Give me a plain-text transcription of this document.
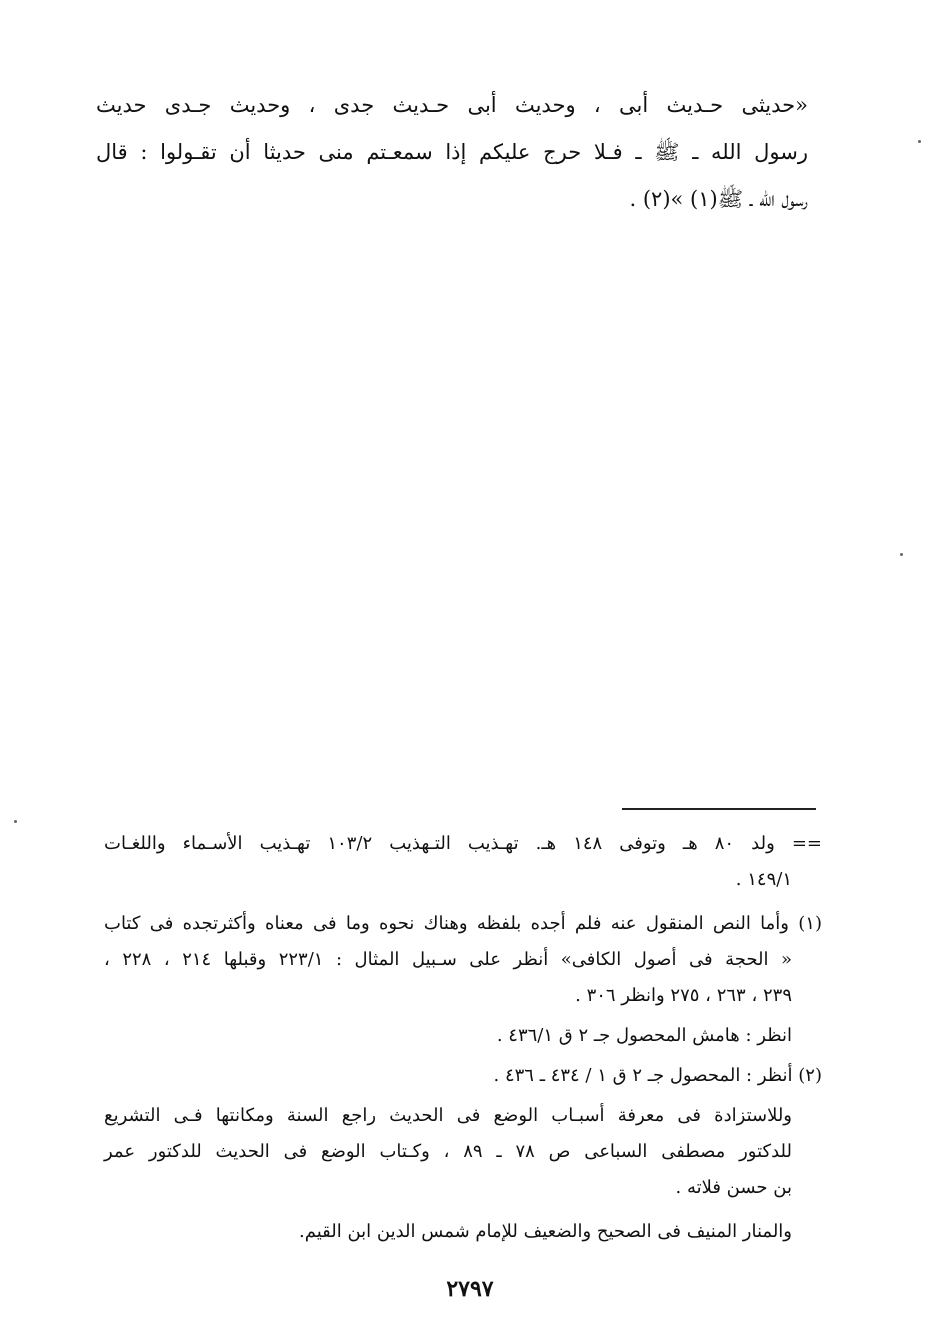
«حديثى حـديث أبى ، وحديث أبى حـديث جدى ، وحديث جـدى حديث
رسول الله ـ ﷺ ـ فـلا حرج عليكم إذا سمعـتم منى حديثا أن تقـولوا : قال
رسول الله ـ ﷺ(١) »(٢) .
== ولد ٨٠ هـ وتوفى ١٤٨ هـ. تهـذيب التـهذيب ١٠٣/٢ تهـذيب الأسـماء واللغـات
١٤٩/١ .
(١) وأما النص المنقول عنه فلم أجده بلفظه وهناك نحوه وما فى معناه وأكثرتجده فى كتاب
« الحجة فى أصول الكافى» أنظر على سـبيل المثال : ٢٢٣/١ وقبلها ٢١٤ ، ٢٢٨ ،
٢٣٩ ، ٢٦٣ ، ٢٧٥ وانظر ٣٠٦ .
انظر : هامش المحصول جـ ٢ ق ٤٣٦/١ .
(٢) أنظر : المحصول جـ ٢ ق ١ / ٤٣٤ ـ ٤٣٦ .
وللاستزادة فى معرفة أسبـاب الوضع فى الحديث راجع السنة ومكانتها فـى التشريع
للدكتور مصطفى السباعى ص ٧٨ ـ ٨٩ ، وكـتاب الوضع فى الحديث للدكتور عمر
بن حسن فلاته .
والمنار المنيف فى الصحيح والضعيف للإمام شمس الدين ابن القيم.
٢٧٩٧
